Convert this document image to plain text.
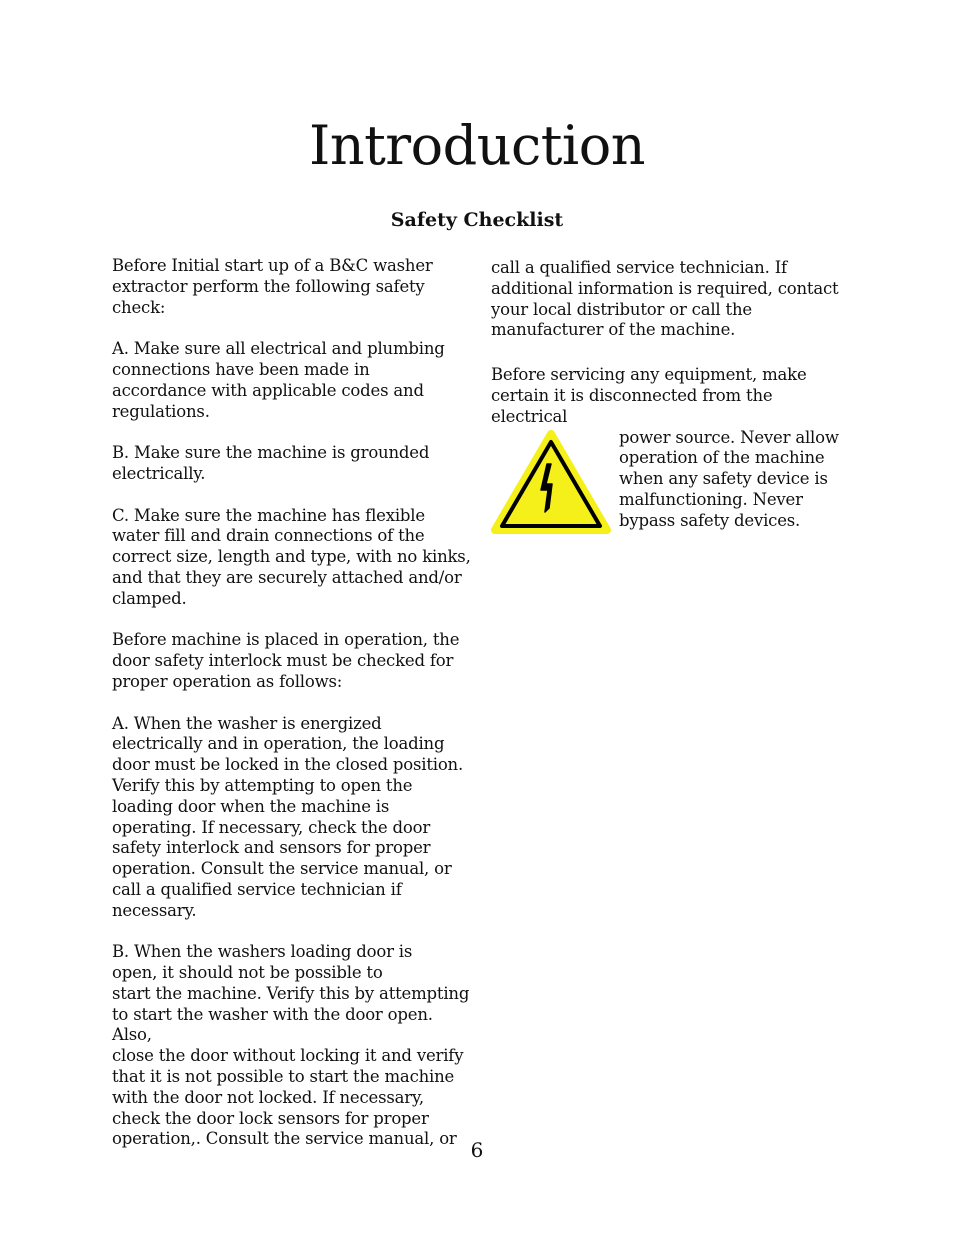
Introduction
Safety Checklist

Before Initial start up of a B&C washer
extractor perform the following safety check:

A. Make sure all electrical and plumbing
connections have been made in
accordance with applicable codes and
regulations.

B. Make sure the machine is grounded
electrically.

C. Make sure the machine has flexible
water fill and drain connections of the
correct size, length and type, with no kinks,
and that they are securely attached and/or
clamped.

Before machine is placed in operation, the
door safety interlock must be checked for
proper operation as follows:

A. When the washer is energized
electrically and in operation, the loading
door must be locked in the closed position.
Verify this by attempting to open the
loading door when the machine is
operating. If necessary, check the door
safety interlock and sensors for proper
operation. Consult the service manual, or
call a qualified service technician if
necessary.

B. When the washers loading door is
open, it should not be possible to
start the machine. Verify this by attempting
to start the washer with the door open. Also,
close the door without locking it and verify
that it is not possible to start the machine
with the door not locked. If necessary,
check the door lock sensors for proper
operation,. Consult the service manual, or

call a qualified service technician. If
additional information is required, contact
your local distributor or call the
manufacturer of the machine.

Before servicing any equipment, make
certain it is disconnected from the electrical

power source. Never allow
operation of the machine
when any safety device is
malfunctioning. Never
bypass safety devices.

6
